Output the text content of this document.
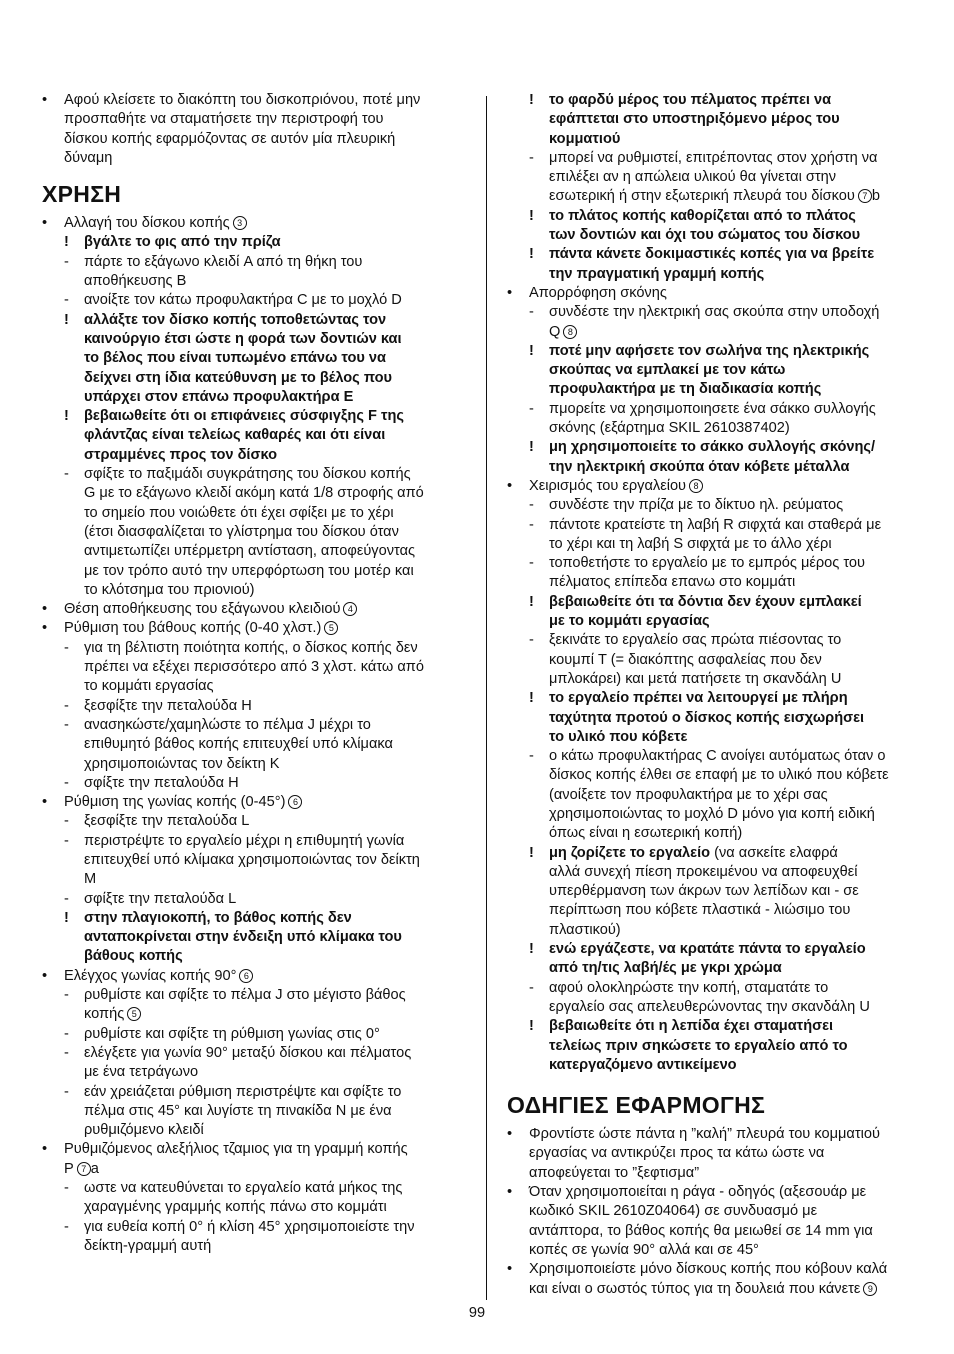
• Αφού κλείσετε το διακόπτη του δισκοπριόνου, ποτέ μην
προσπαθήτε να σταματήσετε την περιστροφή του
δίσκου κοπής εφαρμόζοντας σε αυτόν μία πλευρική
δύναμη
ΧΡΗΣΗ
• Αλλαγή του δίσκου κοπής 3
! βγάλτε το φις από την πρίζα
- πάρτε το εξάγωνο κλειδί A από τη θήκη του
αποθήκευσης B
- ανοίξτε τον κάτω προφυλακτήρα C με το μοχλό D
! αλλάξτε τον δίσκο κοπής τοποθετώντας τον
καινούργιο έτσι ώστε η φορά των δοντιών και
το βέλος που είναι τυπωμένο επάνω του να
δείχνει στη ίδια κατεύθυνση με το βέλος που
υπάρχει στον επάνω προφυλακτήρα E
! βεβαιωθείτε ότι οι επιφάνειες σύσφιγξης F της
φλάντζας είναι τελείως καθαρές και ότι είναι
στραμμένες προς τον δίσκο
- σφίξτε το παξιμάδι συγκράτησης του δίσκου κοπής
G με το εξάγωνο κλειδί ακόμη κατά 1/8 στροφής από
το σημείο που νοιώθετε ότι έχει σφίξει με το χέρι
(έτσι διασφαλίζεται το γλίστρημα του δίσκου όταν
αντιμετωπίζει υπέρμετρη αντίσταση, αποφεύγοντας
με τον τρόπο αυτό την υπερφόρτωση του μοτέρ και
το κλότσημα του πριονιού)
• Θέση αποθήκευσης του εξάγωνου κλειδιού 4
• Ρύθμιση του βάθους κοπής (0-40 χλστ.) 5
- για τη βέλτιστη ποιότητα κοπής, ο δίσκος κοπής δεν
πρέπει να εξέχει περισσότερο από 3 χλστ. κάτω από
το κομμάτι εργασίας
- ξεσφίξτε την πεταλούδα H
- ανασηκώστε/χαμηλώστε το πέλμα J μέχρι το
επιθυμητό βάθος κοπής επιτευχθεί υπό κλίμακα
χρησιμοποιώντας τον δείκτη K
- σφίξτε την πεταλούδα H
• Ρύθμιση της γωνίας κοπής (0-45°) 6
- ξεσφίξτε την πεταλούδα L
- περιστρέψτε το εργαλείο μέχρι η επιθυμητή γωνία
επιτευχθεί υπό κλίμακα χρησιμοποιώντας τον δείκτη
M
- σφίξτε την πεταλούδα L
! στην πλαγιοκοπή, το βάθος κοπής δεν
ανταποκρίνεται στην ένδειξη υπό κλίμακα του
βάθους κοπής
• Ελέγχος γωνίας κοπής 90° 6
- ρυθμίστε και σφίξτε το πέλμα J στο μέγιστο βάθος
κοπής 5
- ρυθμίστε και σφίξτε τη ρύθμιση γωνίας στις 0°
- ελέγξετε για γωνία 90° μεταξύ δίσκου και πέλματος
με ένα τετράγωνο
- εάν χρειάζεται ρύθμιση περιστρέψτε και σφίξτε το
πέλμα στις 45° και λυγίστε τη πινακίδα N με ένα
ρυθμιζόμενο κλειδί
• Ρυθμιζόμενος αλεξήλιος τζαμιος για τη γραμμή κοπής
P 7 a
- ωστε να κατευθύνεται το εργαλείο κατά μήκος της
χαραγμένης γραμμής κοπής πάνω στο κομμάτι
- για ευθεία κοπή 0° ή κλίση 45° χρησιμοποιείστε την
δείκτη-γραμμή αυτή
! το φαρδύ μέρος του πέλματος πρέπει να
εφάπτεται στο υποστηριξόμενο μέρος του
κομματιού
- μπορεί να ρυθμιστεί, επιτρέποντας στον χρήστη να
επιλέξει αν η απώλεια υλικού θα γίνεται στην
εσωτερική ή στην εξωτερική πλευρά του δίσκου 7 b
! το πλάτος κοπής καθορίζεται από το πλάτος
των δοντιών και όχι του σώματος του δίσκου
! πάντα κάνετε δοκιμαστικές κοπές για να βρείτε
την πραγματική γραμμή κοπής
• Απορρόφηση σκόνης
- συνδέστε την ηλεκτρική σας σκούπα στην υποδοχή
Q 8
! ποτέ μην αφήσετε τον σωλήνα της ηλεκτρικής
σκούπας να εμπλακεί με τον κάτω
προφυλακτήρα με τη διαδικασία κοπής
- πμορείτε να χρησιμοποιησετε ένα σάκκο συλλογής
σκόνης (εξάρτημα SKIL 2610387402)
! μη χρησιμοποιείτε το σάκκο συλλογής σκόνης/
την ηλεκτρική σκούπα όταν κόβετε μέταλλα
• Χειρισμός του εργαλείου 8
- συνδέστε την πρίζα με το δίκτυο ηλ. ρεύματος
- πάντοτε κρατείστε τη λαβή R σιφχτά και σταθερά με
το χέρι και τη λαβή S σιφχτά με το άλλο χέρι
- τοποθετήστε το εργαλείο με το εμπρός μέρος του
πέλματος επίπεδα επανω στο κομμάτι
! βεβαιωθείτε ότι τα δόντια δεν έχουν εμπλακεί
με το κομμάτι εργασίας
- ξεκινάτε το εργαλείο σας πρώτα πιέσοντας το
κουμπί T (= διακόπτης ασφαλείας που δεν
μπλοκάρει) και μετά πατήσετε τη σκανδάλη U
! το εργαλείο πρέπει να λειτουργεί με πλήρη
ταχύτητα προτού ο δίσκος κοπής εισχωρήσει
το υλικό που κόβετε
- ο κάτω προφυλακτήρας C ανοίγει αυτόματως όταν ο
δίσκος κοπής έλθει σε επαφή με το υλικό που κόβετε
(ανοίξετε τον προφυλακτήρα με το χέρι σας
χρησιμοποιώντας το μοχλό D μόνο για κοπή ειδική
όπως είναι η εσωτερική κοπή)
! μη ζορίζετε το εργαλείο (να ασκείτε ελαφρά
αλλά συνεχή πίεση προκειμένου να αποφευχθεί
υπερθέρμανση των άκρων των λεπίδων και - σε
περίπτωση που κόβετε πλαστικά - λιώσιμο του
πλαστικού)
! ενώ εργάζεστε, να κρατάτε πάντα το εργαλείο
από τη/τις λαβή/ές με γκρι χρώμα
- αφού ολοκληρώστε την κοπή, σταματάτε το
εργαλείο σας απελευθερώνοντας την σκανδάλη U
! βεβαιωθείτε ότι η λεπίδα έχει σταματήσει
τελείως πριν σηκώσετε το εργαλείο από το
κατεργαζόμενο αντικείμενο
ΟΔΗΓΙΕΣ ΕΦΑΡΜΟΓΗΣ
• Φροντίστε ώστε πάντα η ”καλή” πλευρά του κομματιού
εργασίας να αντικρύζει προς τα κάτω ώστε να
αποφεύγεται το ”ξεφτισμα”
• Όταν χρησιμοποιείται η ράγα - οδηγός (αξεσουάρ με
κωδικό SKIL 2610Z04064) σε συνδυασμό με
αντάπτορα, το βάθος κοπής θα μειωθεί σε 14 mm για
κοπές σε γωνία 90° αλλά και σε 45°
• Χρησιμοποιείστε μόνο δίσκους κοπής που κόβουν καλά
και είναι ο σωστός τύπος για τη δουλειά που κάνετε 9
99
